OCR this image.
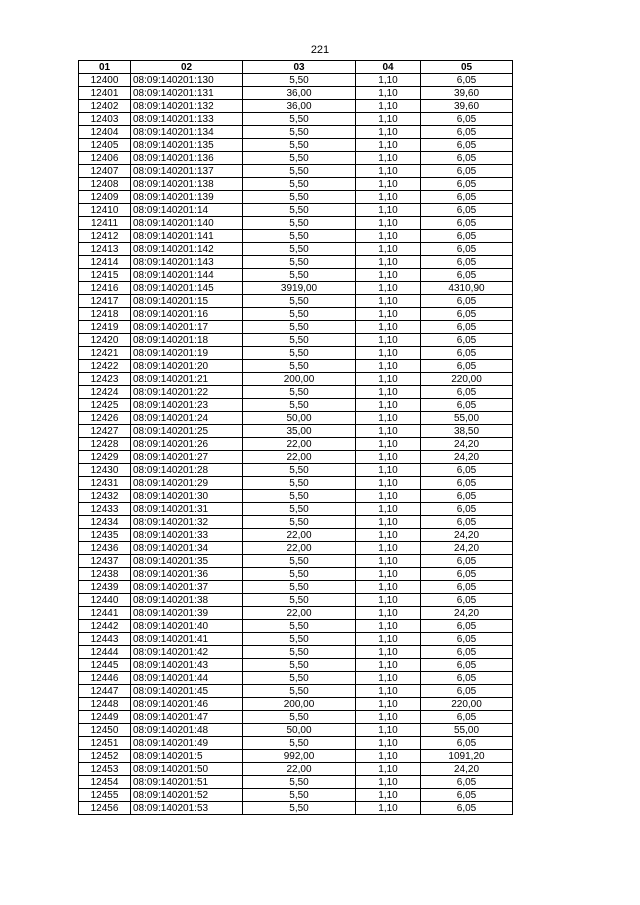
221
01	02	03	04	05
12400	08:09:140201:130	5,50	1,10	6,05
12401	08:09:140201:131	36,00	1,10	39,60
12402	08:09:140201:132	36,00	1,10	39,60
12403	08:09:140201:133	5,50	1,10	6,05
12404	08:09:140201:134	5,50	1,10	6,05
12405	08:09:140201:135	5,50	1,10	6,05
12406	08:09:140201:136	5,50	1,10	6,05
12407	08:09:140201:137	5,50	1,10	6,05
12408	08:09:140201:138	5,50	1,10	6,05
12409	08:09:140201:139	5,50	1,10	6,05
12410	08:09:140201:14	5,50	1,10	6,05
12411	08:09:140201:140	5,50	1,10	6,05
12412	08:09:140201:141	5,50	1,10	6,05
12413	08:09:140201:142	5,50	1,10	6,05
12414	08:09:140201:143	5,50	1,10	6,05
12415	08:09:140201:144	5,50	1,10	6,05
12416	08:09:140201:145	3919,00	1,10	4310,90
12417	08:09:140201:15	5,50	1,10	6,05
12418	08:09:140201:16	5,50	1,10	6,05
12419	08:09:140201:17	5,50	1,10	6,05
12420	08:09:140201:18	5,50	1,10	6,05
12421	08:09:140201:19	5,50	1,10	6,05
12422	08:09:140201:20	5,50	1,10	6,05
12423	08:09:140201:21	200,00	1,10	220,00
12424	08:09:140201:22	5,50	1,10	6,05
12425	08:09:140201:23	5,50	1,10	6,05
12426	08:09:140201:24	50,00	1,10	55,00
12427	08:09:140201:25	35,00	1,10	38,50
12428	08:09:140201:26	22,00	1,10	24,20
12429	08:09:140201:27	22,00	1,10	24,20
12430	08:09:140201:28	5,50	1,10	6,05
12431	08:09:140201:29	5,50	1,10	6,05
12432	08:09:140201:30	5,50	1,10	6,05
12433	08:09:140201:31	5,50	1,10	6,05
12434	08:09:140201:32	5,50	1,10	6,05
12435	08:09:140201:33	22,00	1,10	24,20
12436	08:09:140201:34	22,00	1,10	24,20
12437	08:09:140201:35	5,50	1,10	6,05
12438	08:09:140201:36	5,50	1,10	6,05
12439	08:09:140201:37	5,50	1,10	6,05
12440	08:09:140201:38	5,50	1,10	6,05
12441	08:09:140201:39	22,00	1,10	24,20
12442	08:09:140201:40	5,50	1,10	6,05
12443	08:09:140201:41	5,50	1,10	6,05
12444	08:09:140201:42	5,50	1,10	6,05
12445	08:09:140201:43	5,50	1,10	6,05
12446	08:09:140201:44	5,50	1,10	6,05
12447	08:09:140201:45	5,50	1,10	6,05
12448	08:09:140201:46	200,00	1,10	220,00
12449	08:09:140201:47	5,50	1,10	6,05
12450	08:09:140201:48	50,00	1,10	55,00
12451	08:09:140201:49	5,50	1,10	6,05
12452	08:09:140201:5	992,00	1,10	1091,20
12453	08:09:140201:50	22,00	1,10	24,20
12454	08:09:140201:51	5,50	1,10	6,05
12455	08:09:140201:52	5,50	1,10	6,05
12456	08:09:140201:53	5,50	1,10	6,05
